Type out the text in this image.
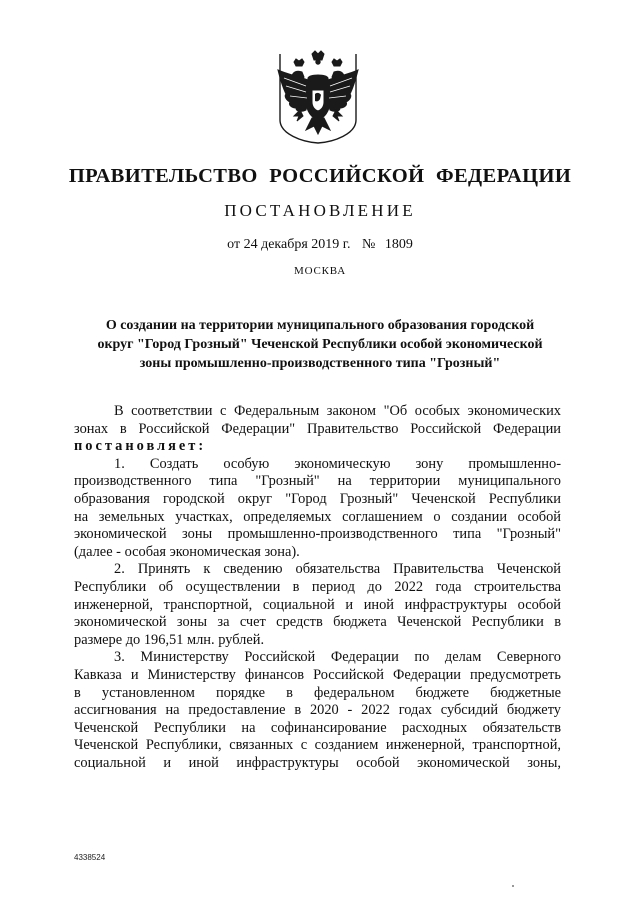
ПРАВИТЕЛЬСТВО РОССИЙСКОЙ ФЕДЕРАЦИИ
ПОСТАНОВЛЕНИЕ
от 24 декабря 2019 г. № 1809
МОСКВА
О создании на территории муниципального образования городской
округ "Город Грозный" Чеченской Республики особой экономической
зоны промышленно-производственного типа "Грозный"
В соответствии с Федеральным законом "Об особых экономических
зонах в Российской Федерации" Правительство Российской Федерации
постановляет:
1. Создать особую экономическую зону промышленно-
производственного типа "Грозный" на территории муниципального
образования городской округ "Город Грозный" Чеченской Республики
на земельных участках, определяемых соглашением о создании особой
экономической зоны промышленно-производственного типа "Грозный"
(далее - особая экономическая зона).
2. Принять к сведению обязательства Правительства Чеченской
Республики об осуществлении в период до 2022 года строительства
инженерной, транспортной, социальной и иной инфраструктуры особой
экономической зоны за счет средств бюджета Чеченской Республики в
размере до 196,51 млн. рублей.
3. Министерству Российской Федерации по делам Северного
Кавказа и Министерству финансов Российской Федерации предусмотреть
в установленном порядке в федеральном бюджете бюджетные
ассигнования на предоставление в 2020 - 2022 годах субсидий бюджету
Чеченской Республики на софинансирование расходных обязательств
Чеченской Республики, связанных с созданием инженерной, транспортной,
социальной и иной инфраструктуры особой экономической зоны,
4338524
